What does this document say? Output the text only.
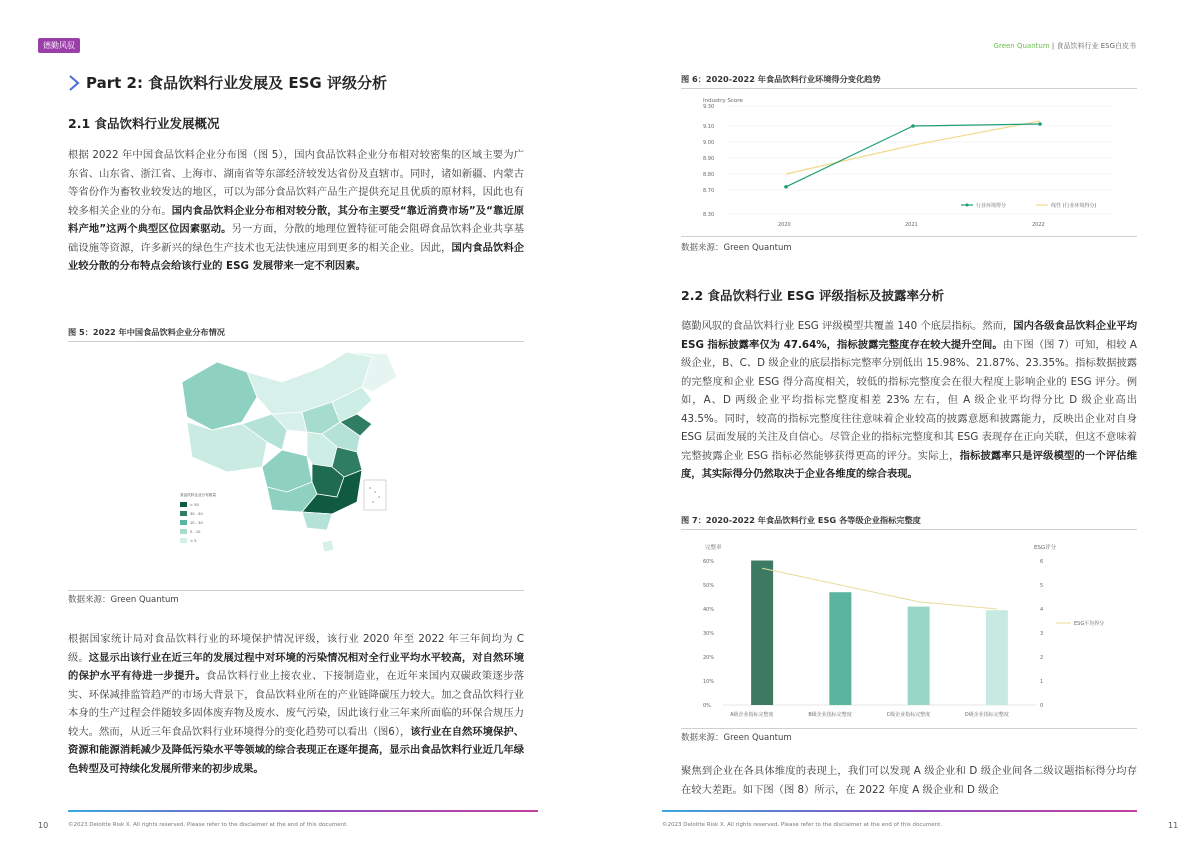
德勤风驭	Green Quantum | 食品饮料行业 ESG白皮书
Part 2: 食品饮料行业发展及 ESG 评级分析
2.1 食品饮料行业发展概况
根据 2022 年中国食品饮料企业分布图（图 5），国内食品饮料企业分布相对较密集的区域主要为广东省、山东省、浙江省、上海市、湖南省等东部经济较发达省份及直辖市。同时，诸如新疆、内蒙古等省份作为畜牧业较发达的地区，可以为部分食品饮料产品生产提供充足且优质的原材料，因此也有较多相关企业的分布。国内食品饮料企业分布相对较分散，其分布主要受“靠近消费市场”及“靠近原料产地”这两个典型区位因素驱动。另一方面，分散的地理位置特征可能会阻碍食品饮料企业共享基础设施等资源，许多新兴的绿色生产技术也无法快速应用到更多的相关企业。因此，国内食品饮料企业较分散的分布特点会给该行业的 ESG 发展带来一定不利因素。
图 5：2022 年中国食品饮料企业分布情况
食品饮料企业分布数量
> 50
30 - 50
10 - 30
5 - 10
< 5
数据来源：Green Quantum
根据国家统计局对食品饮料行业的环境保护情况评级，该行业 2020 年至 2022 年三年间均为 C 级。这显示出该行业在近三年的发展过程中对环境的污染情况相对全行业平均水平较高，对自然环境的保护水平有待进一步提升。食品饮料行业上接农业、下接制造业，在近年来国内双碳政策逐步落实、环保减排监管趋严的市场大背景下，食品饮料业所在的产业链降碳压力较大。加之食品饮料行业本身的生产过程会伴随较多固体废弃物及废水、废气污染，因此该行业三年来所面临的环保合规压力较大。然而，从近三年食品饮料行业环境得分的变化趋势可以看出（图6），该行业在自然环境保护、资源和能源消耗减少及降低污染水平等领域的综合表现正在逐年提高，显示出食品饮料行业近几年绿色转型及可持续化发展所带来的初步成果。
10	©2023 Deloitte Risk X. All rights reserved. Please refer to the disclaimer at the end of this document.
图 6：2020-2022 年食品饮料行业环境得分变化趋势
Industry Score
9.30
9.10
9.00
8.90
8.80
8.70
8.30
2020	2021	2022
行业环境得分	线性 (行业环境得分)
数据来源：Green Quantum
2.2 食品饮料行业 ESG 评级指标及披露率分析
德勤风驭的食品饮料行业 ESG 评级模型共覆盖 140 个底层指标。然而，国内各级食品饮料企业平均 ESG 指标披露率仅为 47.64%，指标披露完整度存在较大提升空间。由下图（图 7）可知，相较 A 级企业，B、C、D 级企业的底层指标完整率分别低出 15.98%、21.87%、23.35%。指标数据披露的完整度和企业 ESG 得分高度相关，较低的指标完整度会在很大程度上影响企业的 ESG 评分。例如，A、D 两级企业平均指标完整度相差 23% 左右，但 A 级企业平均得分比 D 级企业高出 43.5%。同时，较高的指标完整度往往意味着企业较高的披露意愿和披露能力，反映出企业对自身 ESG 层面发展的关注及自信心。尽管企业的指标完整度和其 ESG 表现存在正向关联，但这不意味着完整披露企业 ESG 指标必然能够获得更高的评分。实际上，指标披露率只是评级模型的一个评估维度，其实际得分仍然取决于企业各维度的综合表现。
图 7：2020-2022 年食品饮料行业 ESG 各等级企业指标完整度
完整率	ESG评分
60%
50%
40%
30%
20%
10%
0%
6
5
4
3
2
1
0
A级企业指标完整度	B级企业指标完整度	C级企业指标完整度	D级企业指标完整度
ESG平均得分
数据来源：Green Quantum
聚焦到企业在各具体维度的表现上，我们可以发现 A 级企业和 D 级企业间各二级议题指标得分均存在较大差距。如下图（图 8）所示，在 2022 年度 A 级企业和 D 级企
©2023 Deloitte Risk X. All rights reserved. Please refer to the disclaimer at the end of this document.	11
